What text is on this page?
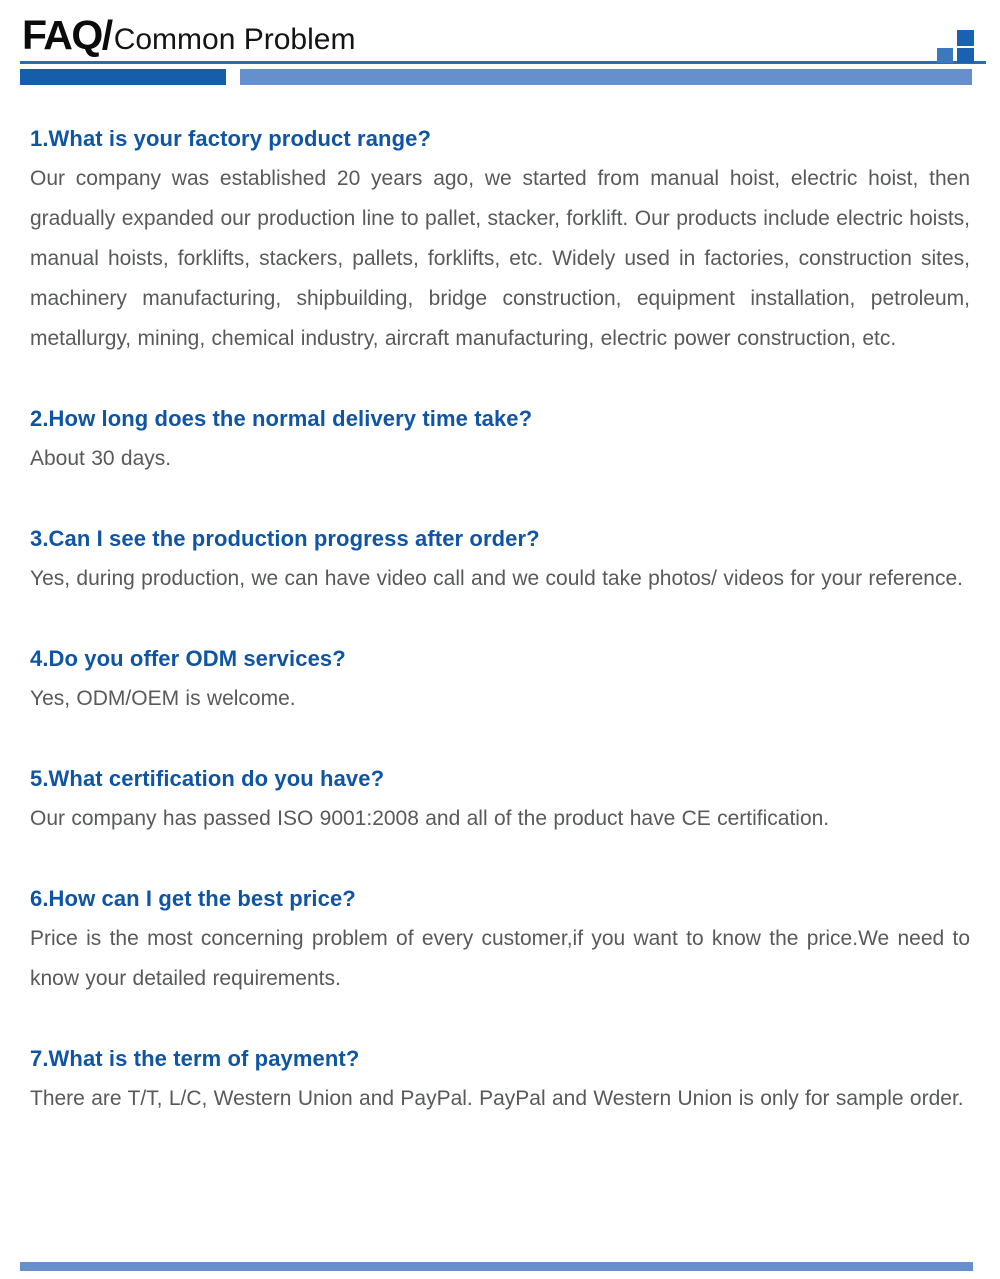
FAQ/ Common Problem
1.What is your factory product range?

Our company was established 20 years ago, we started from manual hoist, electric hoist, then gradually expanded our production line to pallet, stacker, forklift. Our products include electric hoists, manual hoists, forklifts, stackers, pallets, forklifts, etc. Widely used in factories, construction sites, machinery manufacturing, shipbuilding, bridge construction, equipment installation, petroleum, metallurgy, mining, chemical industry, aircraft manufacturing, electric power construction, etc.

2.How long does the normal delivery time take?

About 30 days.

3.Can I see the production progress after order?

Yes, during production, we can have video call and we could take photos/ videos for your reference.

4.Do you offer ODM services?

Yes, ODM/OEM is welcome.

5.What certification do you have?

Our company has passed ISO 9001:2008 and all of the product have CE certification.

6.How can I get the best price?

Price is the most concerning problem of every customer,if you want to know the price.We need to know your detailed requirements.

7.What is the term of payment?

There are T/T, L/C, Western Union and PayPal. PayPal and Western Union is only for sample order.
